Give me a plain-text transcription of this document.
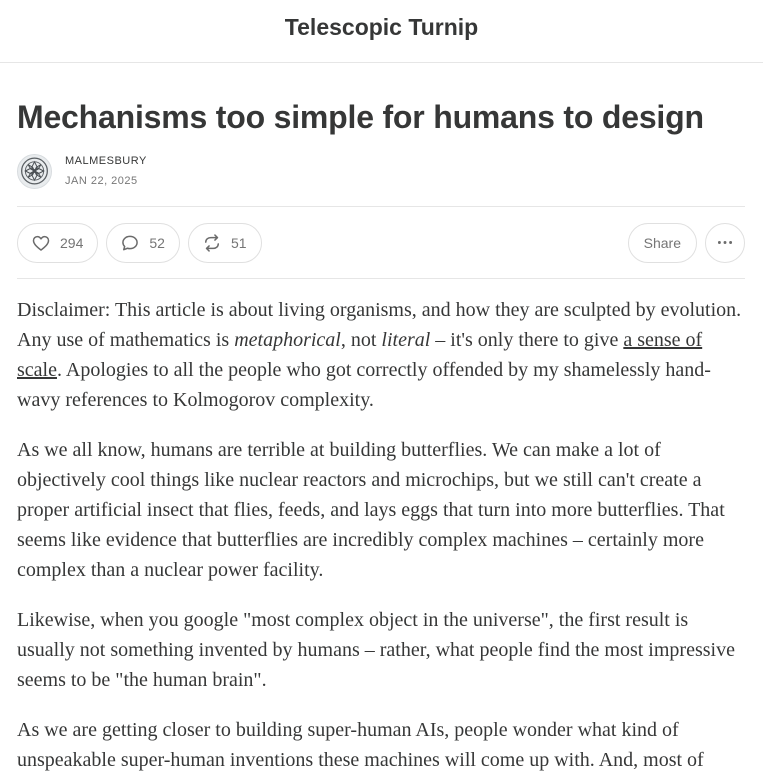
Telescopic Turnip
Mechanisms too simple for humans to design
MALMESBURY
JAN 22, 2025
294	52	51	Share

Disclaimer: This article is about living organisms, and how they are sculpted by evolution. Any use of mathematics is metaphorical, not literal – it's only there to give a sense of scale. Apologies to all the people who got correctly offended by my shamelessly hand-wavy references to Kolmogorov complexity.

As we all know, humans are terrible at building butterflies. We can make a lot of objectively cool things like nuclear reactors and microchips, but we still can't create a proper artificial insect that flies, feeds, and lays eggs that turn into more butterflies. That seems like evidence that butterflies are incredibly complex machines – certainly more complex than a nuclear power facility.

Likewise, when you google "most complex object in the universe", the first result is usually not something invented by humans – rather, what people find the most impressive seems to be "the human brain".

As we are getting closer to building super-human AIs, people wonder what kind of unspeakable super-human inventions these machines will come up with. And, most of
